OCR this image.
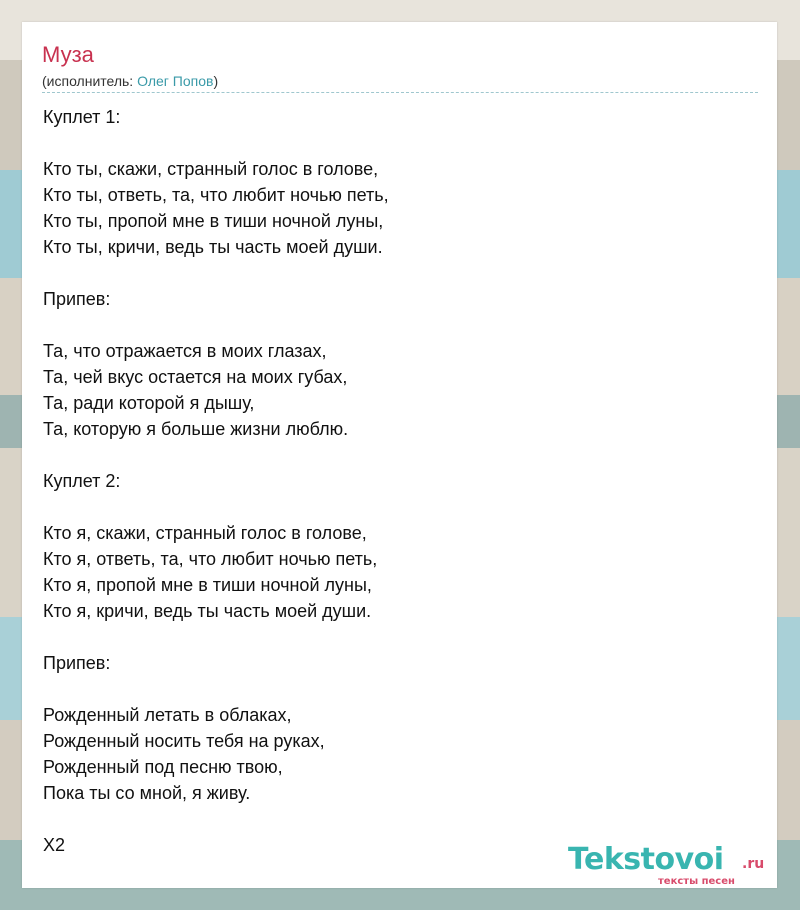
Муза
(исполнитель: Олег Попов)
Куплет 1:
Кто ты, скажи, странный голос в голове,
Кто ты, ответь, та, что любит ночью петь,
Кто ты, пропой мне в тиши ночной луны,
Кто ты, кричи, ведь ты часть моей души.
Припев:
Та, что отражается в моих глазах,
Та, чей вкус остается на моих губах,
Та, ради которой я дышу,
Та, которую я больше жизни люблю.
Куплет 2:
Кто я, скажи, странный голос в голове,
Кто я, ответь, та, что любит ночью петь,
Кто я, пропой мне в тиши ночной луны,
Кто я, кричи, ведь ты часть моей души.
Припев:
Рожденный летать в облаках,
Рожденный носить тебя на руках,
Рожденный под песню твою,
Пока ты со мной, я живу.
X2	Tekstovoi .ru
тексты песен
